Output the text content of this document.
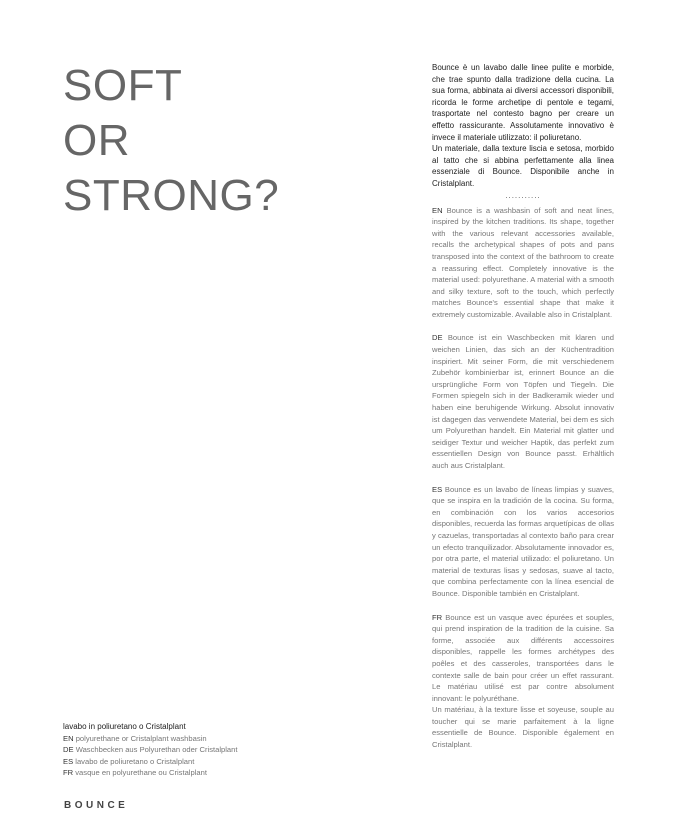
SOFT
OR
STRONG?

Bounce è un lavabo dalle linee pulite e morbide, che trae spunto dalla tradizione della cucina. La sua forma, abbinata ai diversi accessori disponibili, ricorda le forme archetipe di pentole e tegami, trasportate nel contesto bagno per creare un effetto rassicurante. Assolutamente innovativo è invece il materiale utilizzato: il poliuretano.

Un materiale, dalla texture liscia e setosa, morbido al tatto che si abbina perfettamente alla linea essenziale di Bounce. Disponibile anche in Cristalplant.

...........

EN Bounce is a washbasin of soft and neat lines, inspired by the kitchen traditions. Its shape, together with the various relevant accessories available, recalls the archetypical shapes of pots and pans transposed into the context of the bathroom to create a reassuring effect. Completely innovative is the material used: polyurethane. A material with a smooth and silky texture, soft to the touch, which perfectly matches Bounce's essential shape that make it extremely customizable. Available also in Cristalplant.

DE Bounce ist ein Waschbecken mit klaren und weichen Linien, das sich an der Küchentradition inspiriert. Mit seiner Form, die mit verschiedenem Zubehör kombinierbar ist, erinnert Bounce an die ursprüngliche Form von Töpfen und Tiegeln. Die Formen spiegeln sich in der Badkeramik wieder und haben eine beruhigende Wirkung. Absolut innovativ ist dagegen das verwendete Material, bei dem es sich um Polyurethan handelt. Ein Material mit glatter und seidiger Textur und weicher Haptik, das perfekt zum essentiellen Design von Bounce passt. Erhältlich auch aus Cristalplant.

ES Bounce es un lavabo de líneas limpias y suaves, que se inspira en la tradición de la cocina. Su forma, en combinación con los varios accesorios disponibles, recuerda las formas arquetípicas de ollas y cazuelas, transportadas al contexto baño para crear un efecto tranquilizador. Absolutamente innovador es, por otra parte, el material utilizado: el poliuretano. Un material de texturas lisas y sedosas, suave al tacto, que combina perfectamente con la línea esencial de Bounce. Disponible también en Cristalplant.

FR Bounce est un vasque avec épurées et souples, qui prend inspiration de la tradition de la cuisine. Sa forme, associée aux différents accessoires disponibles, rappelle les formes archétypes des poêles et des casseroles, transportées dans le contexte salle de bain pour créer un effet rassurant. Le matériau utilisé est par contre absolument innovant: le polyuréthane.

Un matériau, à la texture lisse et soyeuse, souple au toucher qui se marie parfaitement à la ligne essentielle de Bounce. Disponible également en Cristalplant.

lavabo in poliuretano o Cristalplant
EN polyurethane or Cristalplant washbasin
DE Waschbecken aus Polyurethan oder Cristalplant
ES lavabo de poliuretano o Cristalplant
FR vasque en polyurethane ou Cristalplant
BOUNCE
